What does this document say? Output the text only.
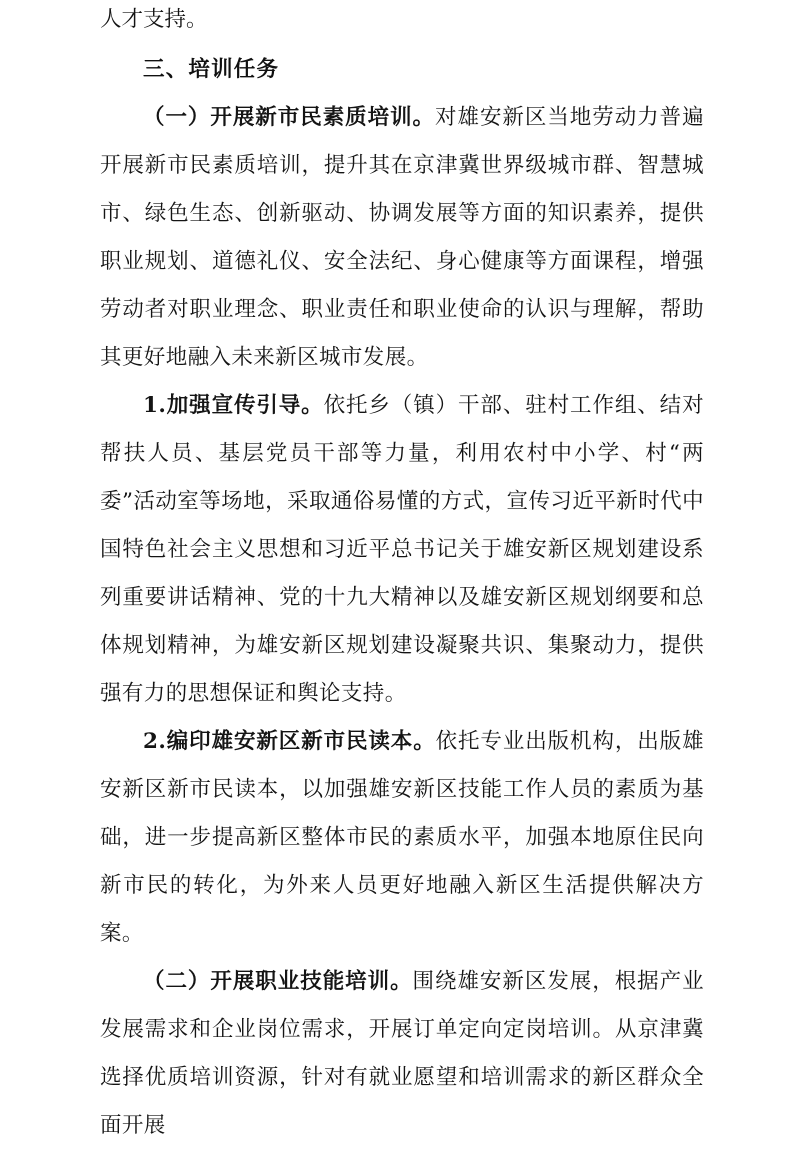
人才支持。

三、培训任务

（一）开展新市民素质培训。对雄安新区当地劳动力普遍开展新市民素质培训，提升其在京津冀世界级城市群、智慧城市、绿色生态、创新驱动、协调发展等方面的知识素养，提供职业规划、道德礼仪、安全法纪、身心健康等方面课程，增强劳动者对职业理念、职业责任和职业使命的认识与理解，帮助其更好地融入未来新区城市发展。

1.加强宣传引导。依托乡（镇）干部、驻村工作组、结对帮扶人员、基层党员干部等力量，利用农村中小学、村“两委”活动室等场地，采取通俗易懂的方式，宣传习近平新时代中国特色社会主义思想和习近平总书记关于雄安新区规划建设系列重要讲话精神、党的十九大精神以及雄安新区规划纲要和总体规划精神，为雄安新区规划建设凝聚共识、集聚动力，提供强有力的思想保证和舆论支持。

2.编印雄安新区新市民读本。依托专业出版机构，出版雄安新区新市民读本，以加强雄安新区技能工作人员的素质为基础，进一步提高新区整体市民的素质水平，加强本地原住民向新市民的转化，为外来人员更好地融入新区生活提供解决方案。

（二）开展职业技能培训。围绕雄安新区发展，根据产业发展需求和企业岗位需求，开展订单定向定岗培训。从京津冀选择优质培训资源，针对有就业愿望和培训需求的新区群众全面开展
